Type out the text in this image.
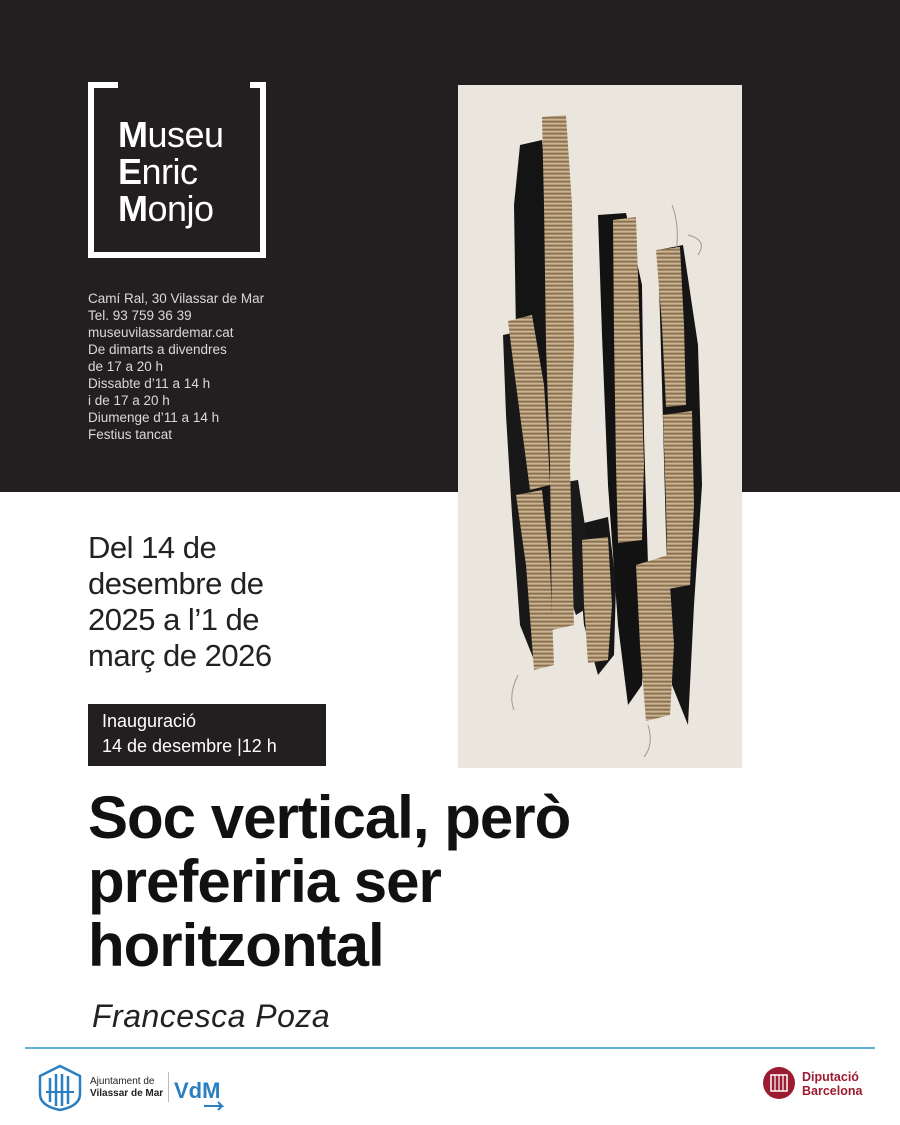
Museu
Enric
Monjo
Camí Ral, 30 Vilassar de Mar
Tel. 93 759 36 39
museuvilassardemar.cat
De dimarts a divendres
de 17 a 20 h
Dissabte d’11 a 14 h
i de 17 a 20 h
Diumenge d’11 a 14 h
Festius tancat
Del 14 de
desembre de
2025 a l’1 de
març de 2026
Inauguració
14 de desembre |12 h
Soc vertical, però
preferiria ser
horitzontal
Francesca Poza
Ajuntament de
Vilassar de Mar VdM
Diputació
Barcelona
